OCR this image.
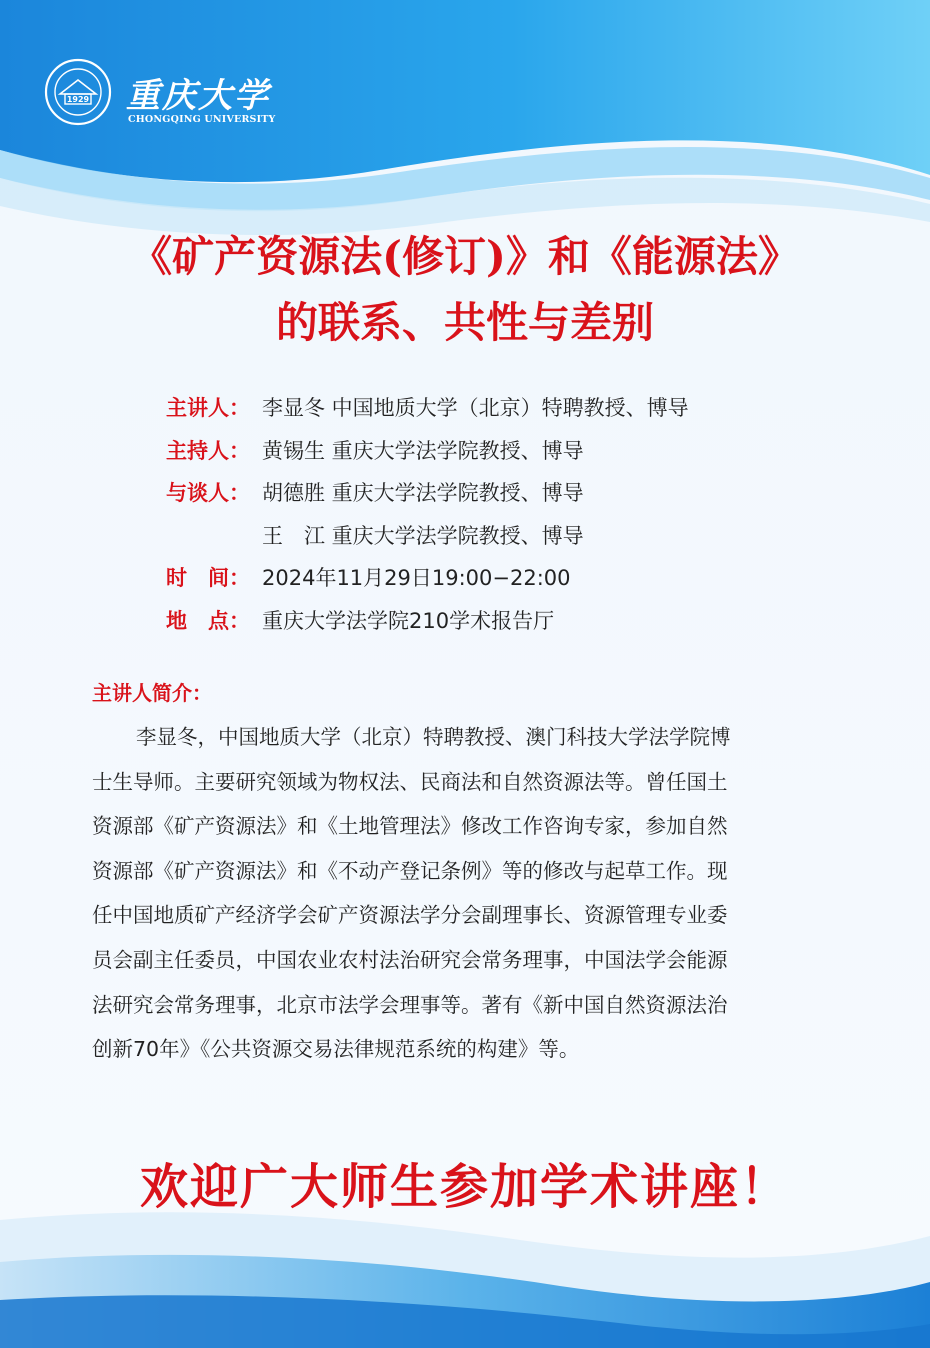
1929 重庆大学
CHONGQING UNIVERSITY
《矿产资源法(修订)》和《能源法》
的联系、共性与差别
主讲人： 李显冬 中国地质大学（北京）特聘教授、博导
主持人： 黄锡生 重庆大学法学院教授、博导
与谈人： 胡德胜 重庆大学法学院教授、博导
王　江 重庆大学法学院教授、博导
时　间： 2024年11月29日19:00−22:00
地　点： 重庆大学法学院210学术报告厅
主讲人简介：
李显冬，中国地质大学（北京）特聘教授、澳门科技大学法学院博
士生导师。主要研究领域为物权法、民商法和自然资源法等。曾任国土
资源部《矿产资源法》和《土地管理法》修改工作咨询专家，参加自然
资源部《矿产资源法》和《不动产登记条例》等的修改与起草工作。现
任中国地质矿产经济学会矿产资源法学分会副理事长、资源管理专业委
员会副主任委员，中国农业农村法治研究会常务理事，中国法学会能源
法研究会常务理事，北京市法学会理事等。著有《新中国自然资源法治
创新70年》《公共资源交易法律规范系统的构建》等。
欢迎广大师生参加学术讲座！
